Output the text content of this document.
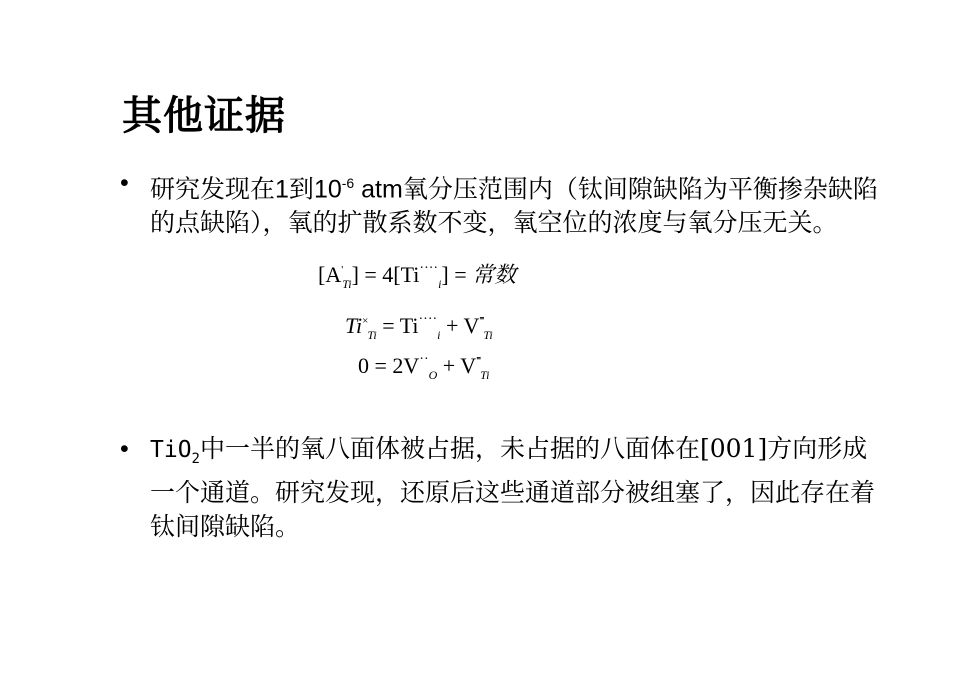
其他证据
• 研究发现在1到$10^{-6}$ atm氧分压范围内（钛间隙缺陷为平衡掺杂缺陷的点缺陷），氧的扩散系数不变，氧空位的浓度与氧分压无关。
$[A'_{Ti}] = 4[Ti^{\cdot\cdot\cdot\cdot}_i]$ = 常数
$Ti^\times_{Ti} = Ti^{\cdot\cdot\cdot\cdot}_i + V''''_{Ti}$
$0 = 2V^{\cdot\cdot}_O + V''''_{Ti}$
• TiO$_2$中一半的氧八面体被占据，未占据的八面体在[001]方向形成一个通道。研究发现，还原后这些通道部分被组塞了，因此存在着钛间隙缺陷。
